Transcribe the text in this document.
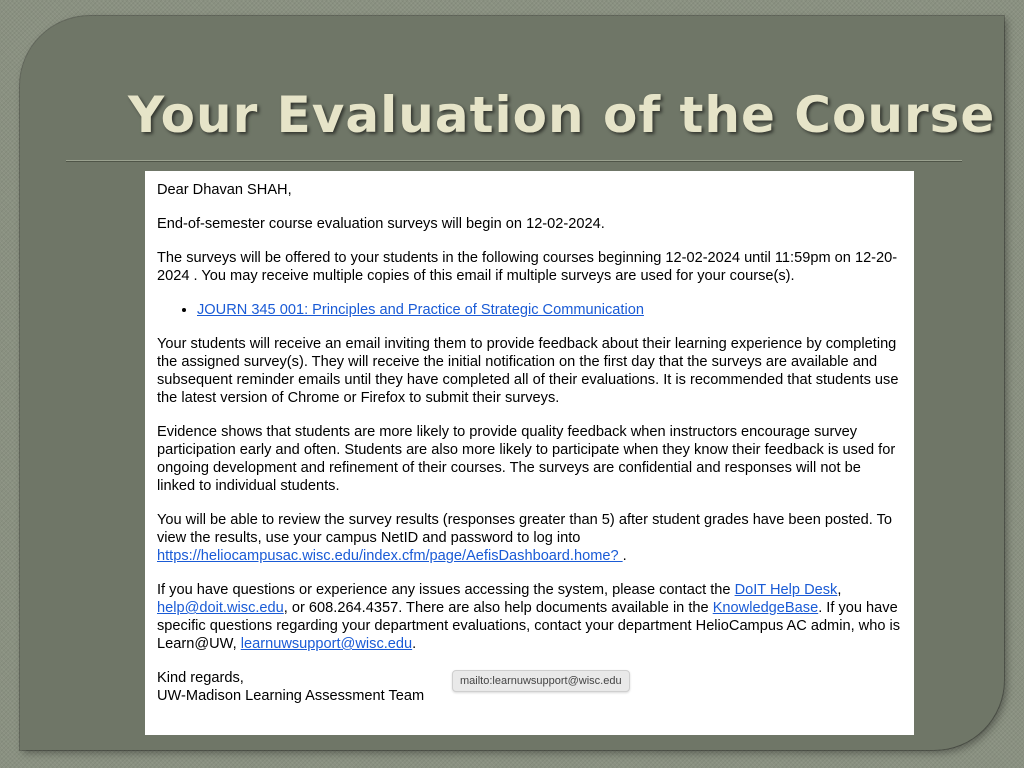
Your Evaluation of the Course

Dear Dhavan SHAH,

End-of-semester course evaluation surveys will begin on 12-02-2024.

The surveys will be offered to your students in the following courses beginning 12-02-2024 until 11:59pm on 12-20-2024 . You may receive multiple copies of this email if multiple surveys are used for your course(s).

• JOURN 345 001: Principles and Practice of Strategic Communication

Your students will receive an email inviting them to provide feedback about their learning experience by completing the assigned survey(s). They will receive the initial notification on the first day that the surveys are available and subsequent reminder emails until they have completed all of their evaluations. It is recommended that students use the latest version of Chrome or Firefox to submit their surveys.

Evidence shows that students are more likely to provide quality feedback when instructors encourage survey participation early and often. Students are also more likely to participate when they know their feedback is used for ongoing development and refinement of their courses. The surveys are confidential and responses will not be linked to individual students.

You will be able to review the survey results (responses greater than 5) after student grades have been posted. To view the results, use your campus NetID and password to log into
https://heliocampusac.wisc.edu/index.cfm/page/AefisDashboard.home? .

If you have questions or experience any issues accessing the system, please contact the DoIT Help Desk, help@doit.wisc.edu, or 608.264.4357. There are also help documents available in the KnowledgeBase. If you have specific questions regarding your department evaluations, contact your department HelioCampus AC admin, who is Learn@UW, learnuwsupport@wisc.edu.

Kind regards,
UW-Madison Learning Assessment Team

mailto:learnuwsupport@wisc.edu
